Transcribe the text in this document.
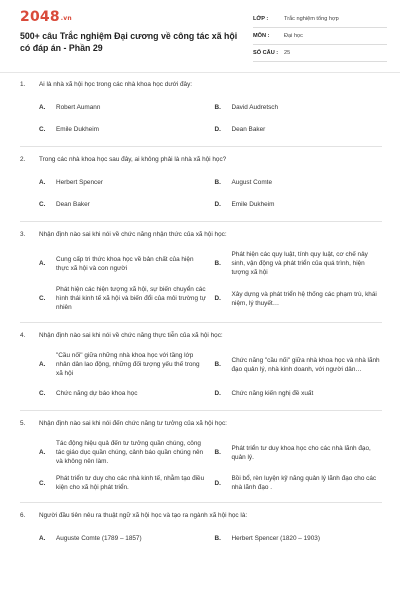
2048.vn
500+ câu Trắc nghiệm Đại cương về công tác xã hội có đáp án - Phần 29
LỚP :	Trắc nghiệm tổng hợp
MÔN :	Đại học
SỐ CÂU : 25
1.	Ai là nhà xã hội học trong các nhà khoa học dưới đây:
A.	Robert Aumann	B.	David Audretsch
C.	Emile Dukheim	D.	Dean Baker
2.	Trong các nhà khoa học sau đây, ai không phải là nhà xã hội học?
A.	Herbert Spencer	B.	August Comte
C.	Dean Baker	D.	Emile Dukheim
3.	Nhận định nào sai khi nói về chức năng nhận thức của xã hội học:
A.
Cung cấp tri thức khoa học về bản chất của hiện thực xã hội và con người
B.
Phát hiện các quy luật, tính quy luật, cơ chế nảy sinh, vận động và phát triển của quá trình, hiện tượng xã hội
C.
Phát hiện các hiện tượng xã hội, sự biến chuyển các hình thái kinh tế xã hội và biến đổi của môi trường tự nhiên
D.
Xây dựng và phát triển hệ thống các phạm trù, khái niệm, lý thuyết…
4.	Nhận định nào sai khi nói về chức năng thực tiễn của xã hội học:
A.
"Cầu nối" giữa những nhà khoa học với tầng lớp nhân dân lao động, những đối tượng yếu thế trong xã hội
B.
Chức năng "cầu nối" giữa nhà khoa học và nhà lãnh đạo quản lý, nhà kinh doanh, với người dân…
C.	Chức năng dự báo khoa học	D.	Chức năng kiến nghị đề xuất
5.	Nhận định nào sai khi nói đến chức năng tư tưởng của xã hội học:
A.
Tác động hiệu quả đến tư tưởng quần chúng, công tác giáo dục quần chúng, cảnh báo quần chúng nên và không nên làm.
B.
Phát triển tư duy khoa học cho các nhà lãnh đạo, quản lý.
C.
Phát triển tư duy cho các nhà kinh tế, nhằm tạo điều kiện cho xã hội phát triển.
D.
Bồi bổ, rèn luyện kỹ năng quản lý lãnh đạo cho các nhà lãnh đạo .
6.	Người đầu tiên nêu ra thuật ngữ xã hội học và tạo ra ngành xã hội học là:
A.	Auguste Comte (1789 – 1857)	B.	Herbert Spencer (1820 – 1903)
